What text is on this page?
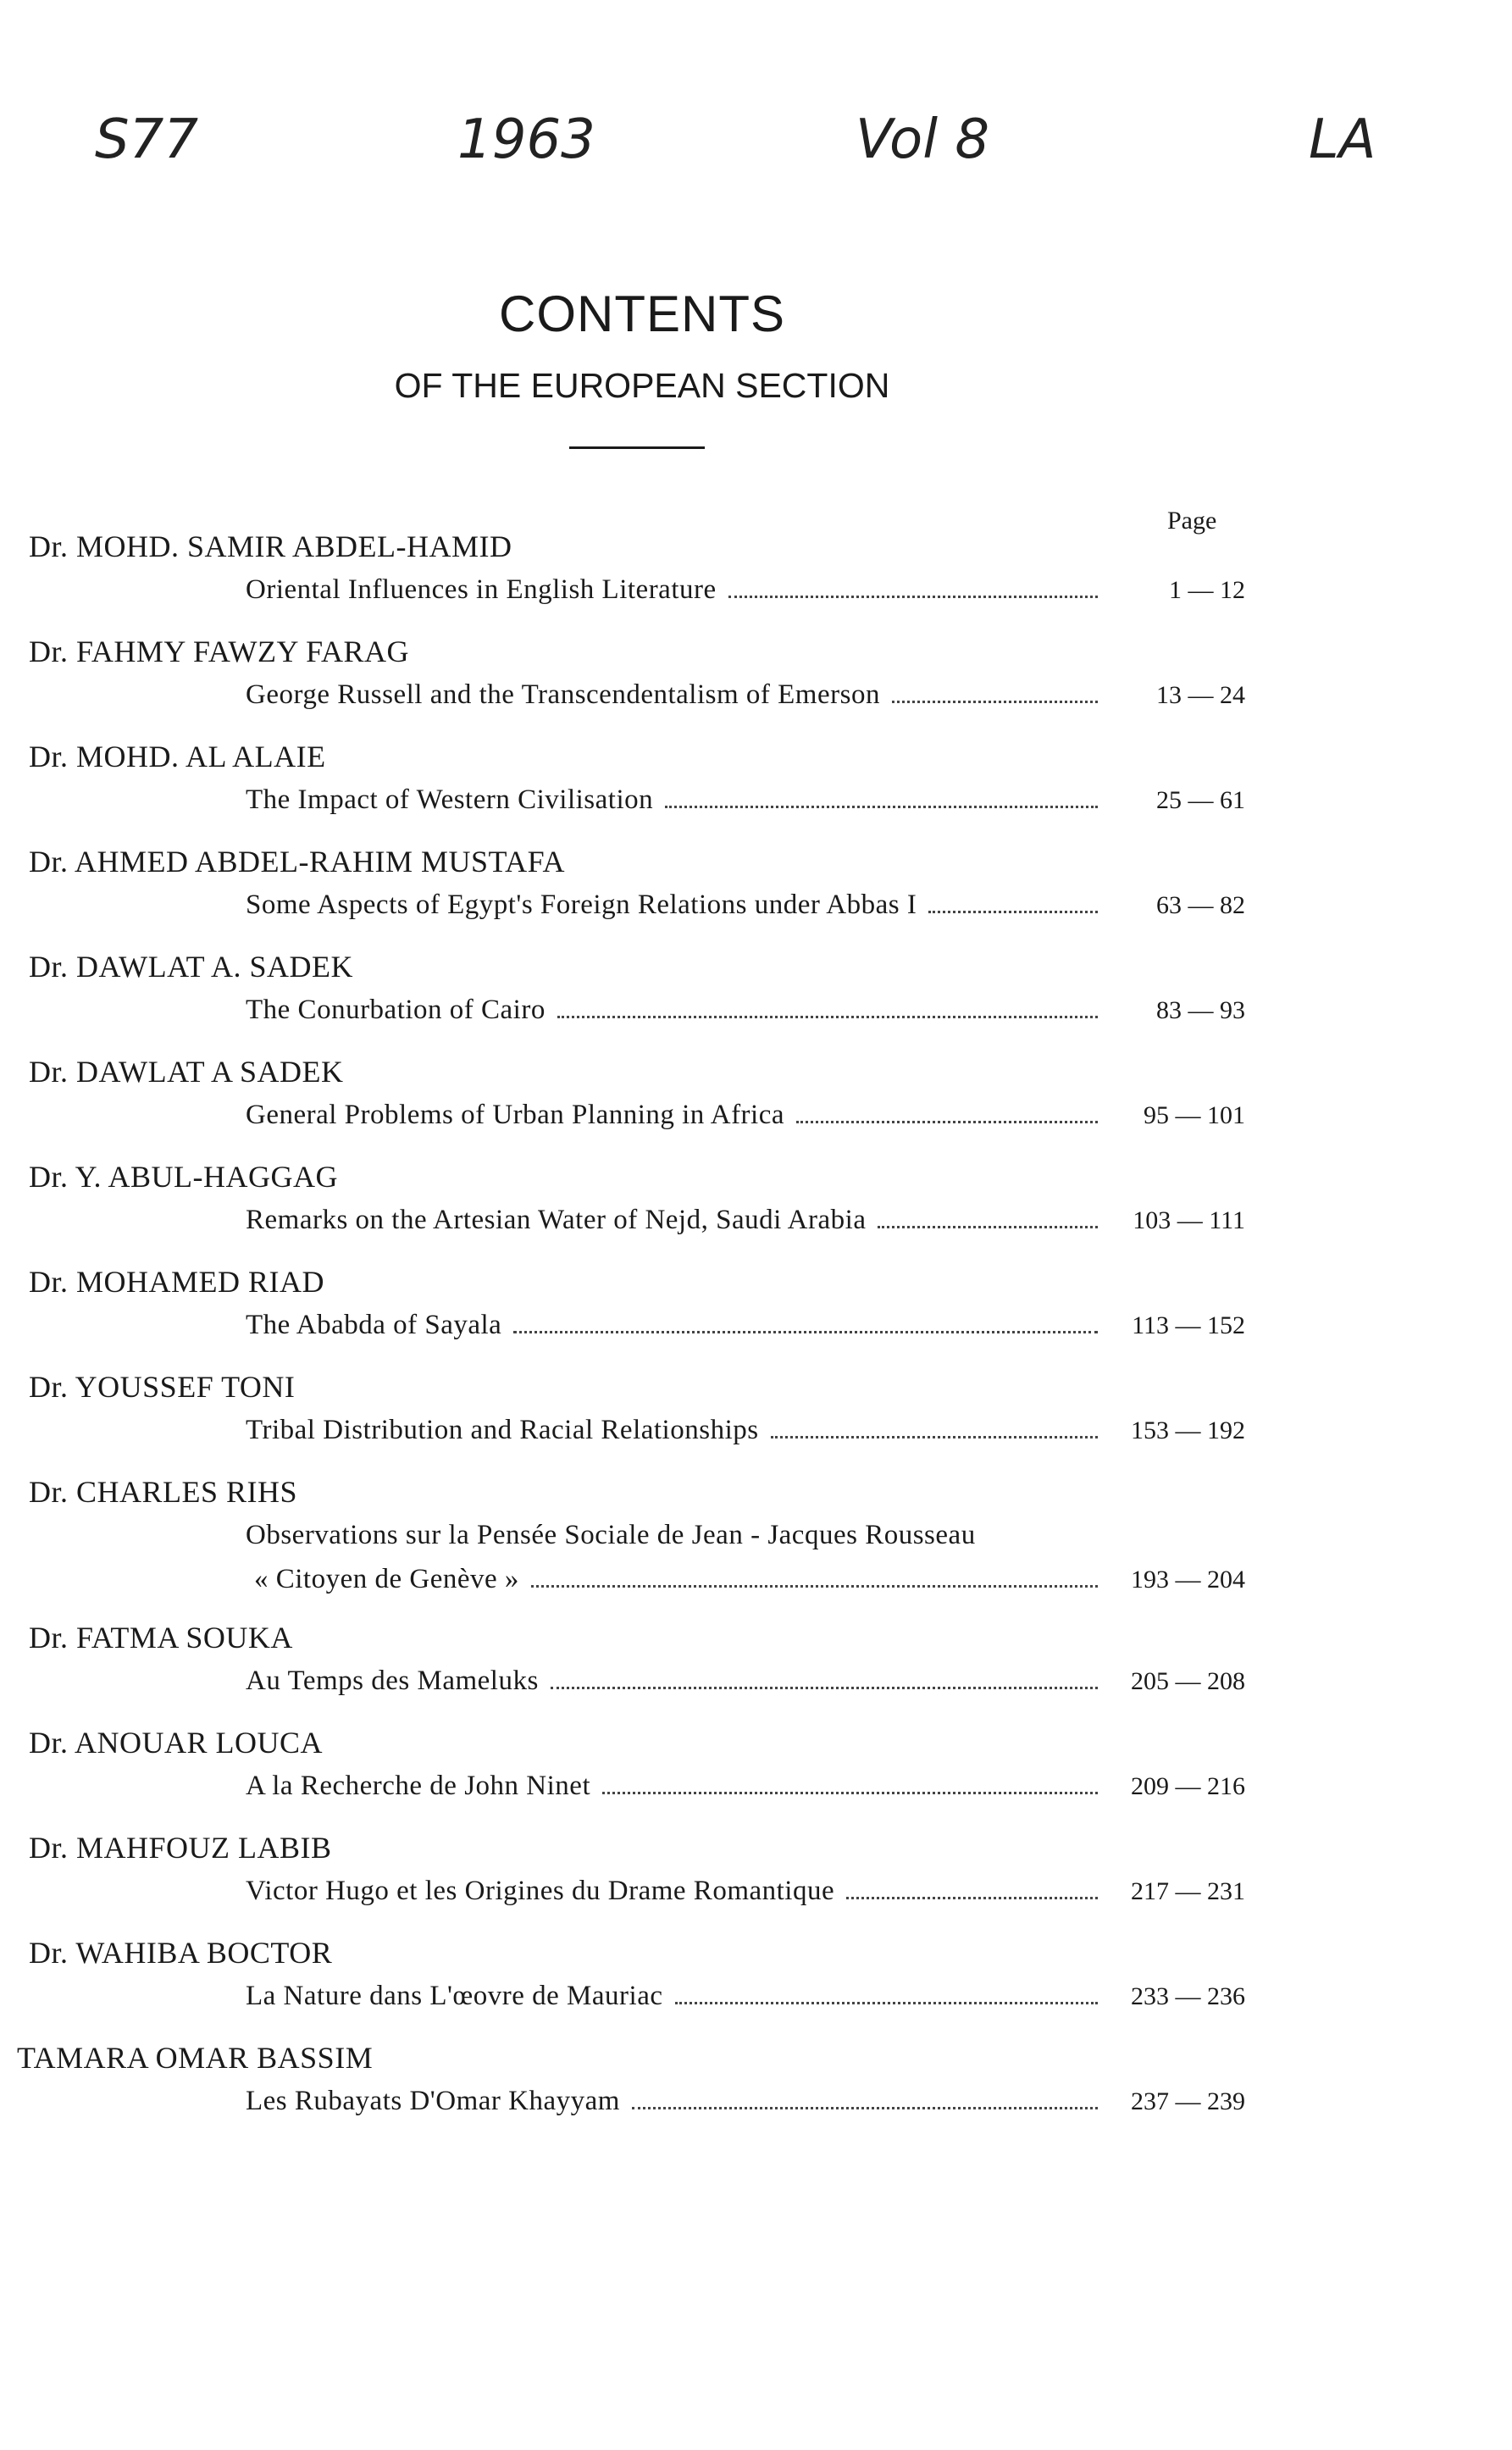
S77	1963	Vol 8	LA
CONTENTS
OF THE EUROPEAN SECTION
Page
Dr. MOHD. SAMIR ABDEL-HAMID
Oriental Influences in English Literature	1 — 12
Dr. FAHMY FAWZY FARAG
George Russell and the Transcendentalism of Emerson	13 — 24
Dr. MOHD. AL ALAIE
The Impact of Western Civilisation	25 — 61
Dr. AHMED ABDEL-RAHIM MUSTAFA
Some Aspects of Egypt's Foreign Relations under Abbas I	63 — 82
Dr. DAWLAT A. SADEK
The Conurbation of Cairo	83 — 93
Dr. DAWLAT A SADEK
General Problems of Urban Planning in Africa	95 — 101
Dr. Y. ABUL-HAGGAG
Remarks on the Artesian Water of Nejd, Saudi Arabia	103 — 111
Dr. MOHAMED RIAD
The Ababda of Sayala	113 — 152
Dr. YOUSSEF TONI
Tribal Distribution and Racial Relationships	153 — 192
Dr. CHARLES RIHS
Observations sur la Pensée Sociale de Jean - Jacques Rousseau
« Citoyen de Genève »	193 — 204
Dr. FATMA SOUKA
Au Temps des Mameluks	205 — 208
Dr. ANOUAR LOUCA
A la Recherche de John Ninet	209 — 216
Dr. MAHFOUZ LABIB
Victor Hugo et les Origines du Drame Romantique	217 — 231
Dr. WAHIBA BOCTOR
La Nature dans L'œovre de Mauriac	233 — 236
TAMARA OMAR BASSIM
Les Rubayats D'Omar Khayyam	237 — 239
